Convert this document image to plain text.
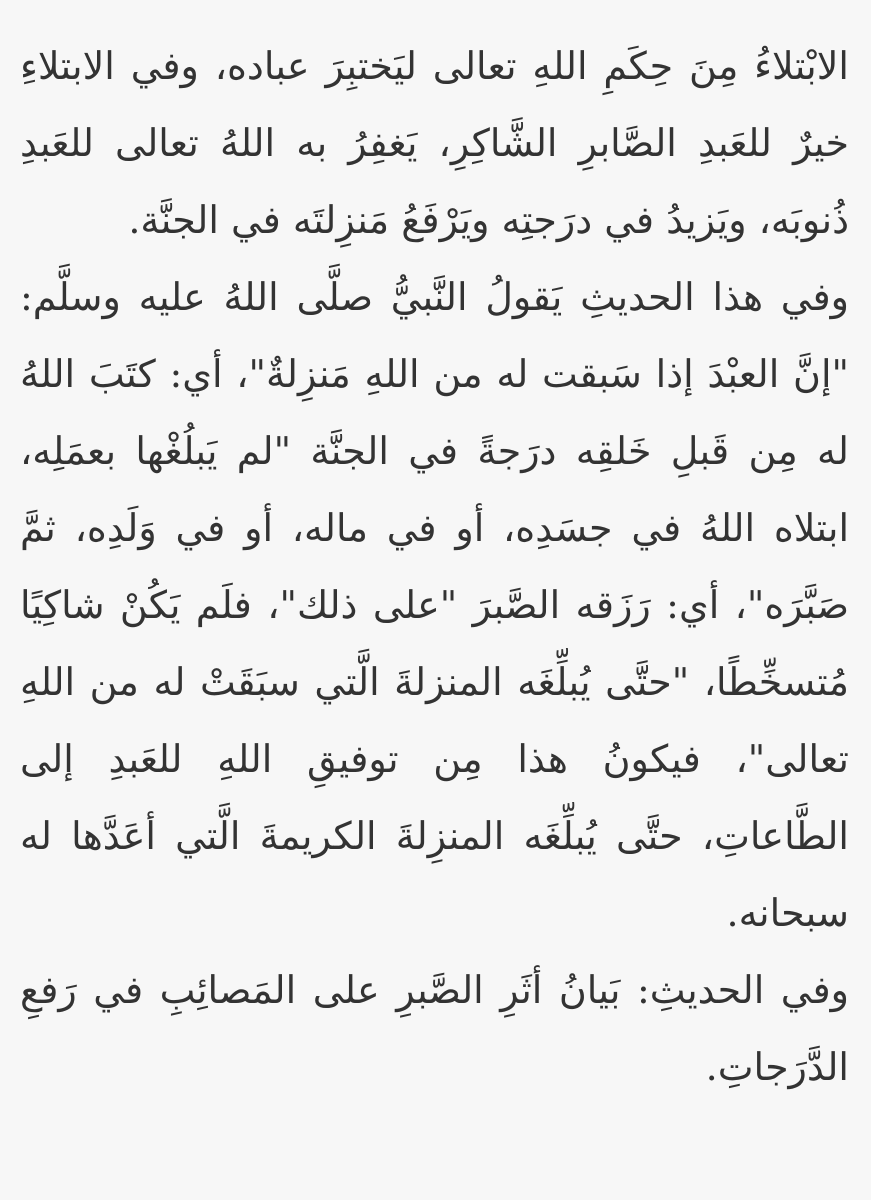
الابْتلاءُ مِنَ حِكَمِ اللهِ تعالى ليَختبِرَ عباده، وفي الابتلاءِ خيرٌ للعَبدِ الصَّابرِ الشَّاكِرِ، يَغفِرُ به اللهُ تعالى للعَبدِ ذُنوبَه، ويَزيدُ في درَجتِه ويَرْفَعُ مَنزِلتَه في الجنَّة.

وفي هذا الحديثِ يَقولُ النَّبيُّ صلَّى اللهُ عليه وسلَّم: "إنَّ العبْدَ إذا سَبقت له من اللهِ مَنزِلةٌ"، أي: كتَبَ اللهُ له مِن قَبلِ خَلقِه درَجةً في الجنَّة "لم يَبلُغْها بعمَلِه، ابتلاه اللهُ في جسَدِه، أو في ماله، أو في وَلَدِه، ثمَّ صَبَّرَه"، أي: رَزَقه الصَّبرَ "على ذلك"، فلَم يَكُنْ شاكِيًا مُتسخِّطًا، "حتَّى يُبلِّغَه المنزلةَ الَّتي سبَقَتْ له من اللهِ تعالى"، فيكونُ هذا مِن توفيقِ اللهِ للعَبدِ إلى الطَّاعاتِ، حتَّى يُبلِّغَه المنزِلةَ الكريمةَ الَّتي أعَدَّها له سبحانه.

وفي الحديثِ: بَيانُ أثَرِ الصَّبرِ على المَصائِبِ في رَفعِ الدَّرَجاتِ.
